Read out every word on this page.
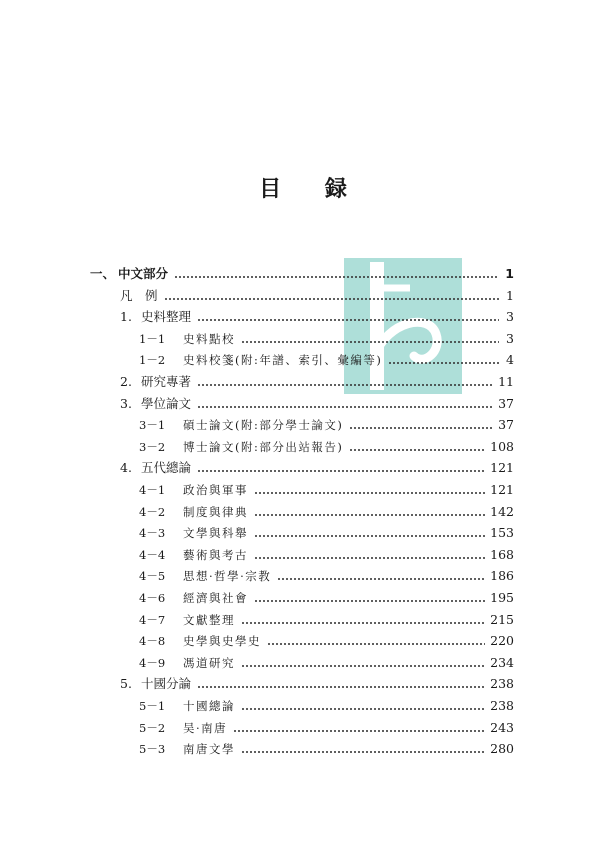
目 録
一、 中文部分	1
凡　例	1
1. 史料整理	3
1－1	史料點校	3
1－2	史料校箋(附:年譜、索引、彙編等)	4
2. 研究專著	11
3. 學位論文	37
3－1	碩士論文(附:部分學士論文)	37
3－2	博士論文(附:部分出站報告)	108
4. 五代總論	121
4－1	政治與軍事	121
4－2	制度與律典	142
4－3	文學與科舉	153
4－4	藝術與考古	168
4－5	思想·哲學·宗教	186
4－6	經濟與社會	195
4－7	文獻整理	215
4－8	史學與史學史	220
4－9	馮道研究	234
5. 十國分論	238
5－1	十國總論	238
5－2	吴·南唐	243
5－3	南唐文學	280
